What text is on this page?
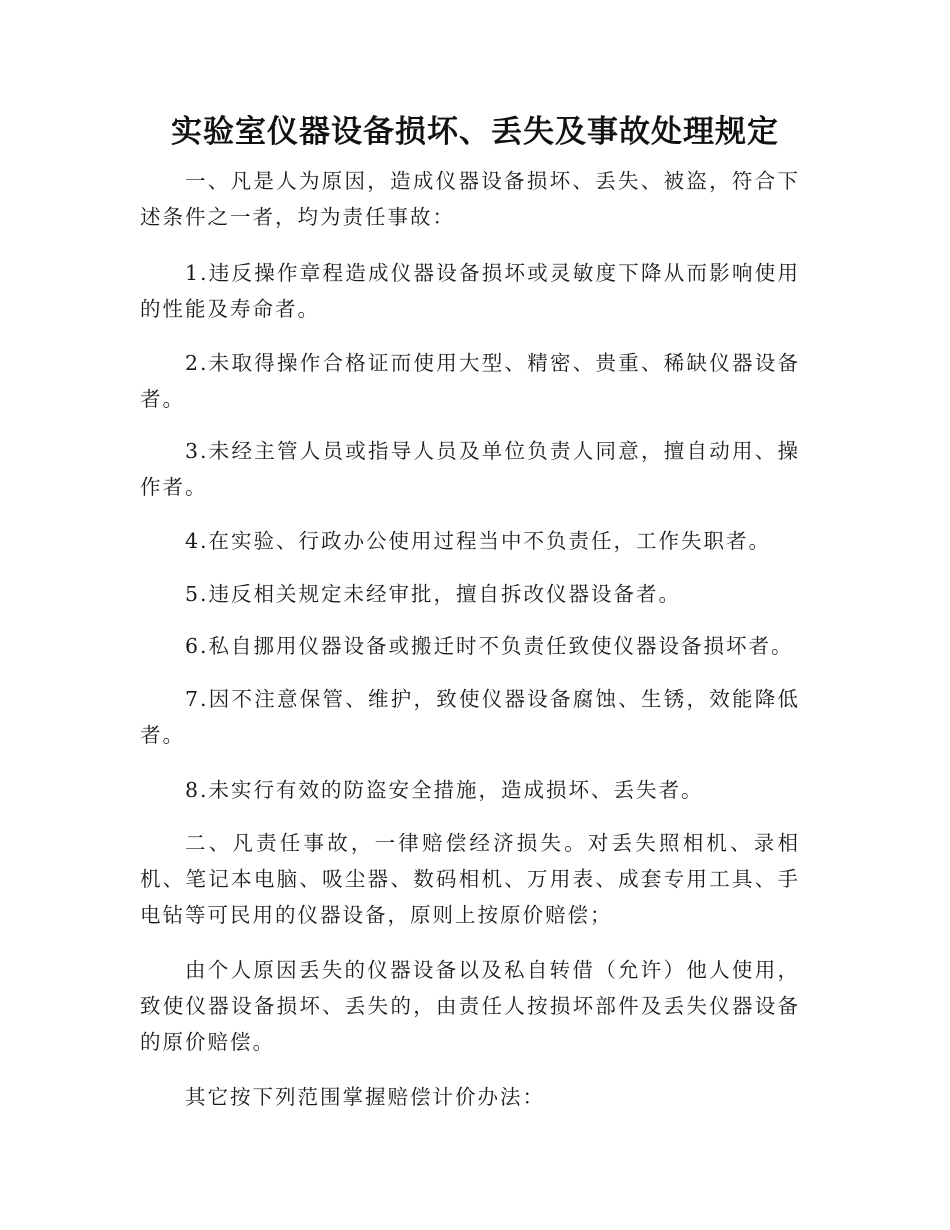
实验室仪器设备损坏、丢失及事故处理规定

一、凡是人为原因，造成仪器设备损坏、丢失、被盗，符合下述条件之一者，均为责任事故：

1.违反操作章程造成仪器设备损坏或灵敏度下降从而影响使用的性能及寿命者。

2.未取得操作合格证而使用大型、精密、贵重、稀缺仪器设备者。

3.未经主管人员或指导人员及单位负责人同意，擅自动用、操作者。

4.在实验、行政办公使用过程当中不负责任，工作失职者。

5.违反相关规定未经审批，擅自拆改仪器设备者。

6.私自挪用仪器设备或搬迁时不负责任致使仪器设备损坏者。

7.因不注意保管、维护，致使仪器设备腐蚀、生锈，效能降低者。

8.未实行有效的防盗安全措施，造成损坏、丢失者。

二、凡责任事故，一律赔偿经济损失。对丢失照相机、录相机、笔记本电脑、吸尘器、数码相机、万用表、成套专用工具、手电钻等可民用的仪器设备，原则上按原价赔偿；

由个人原因丢失的仪器设备以及私自转借（允许）他人使用，致使仪器设备损坏、丢失的，由责任人按损坏部件及丢失仪器设备的原价赔偿。

其它按下列范围掌握赔偿计价办法：
